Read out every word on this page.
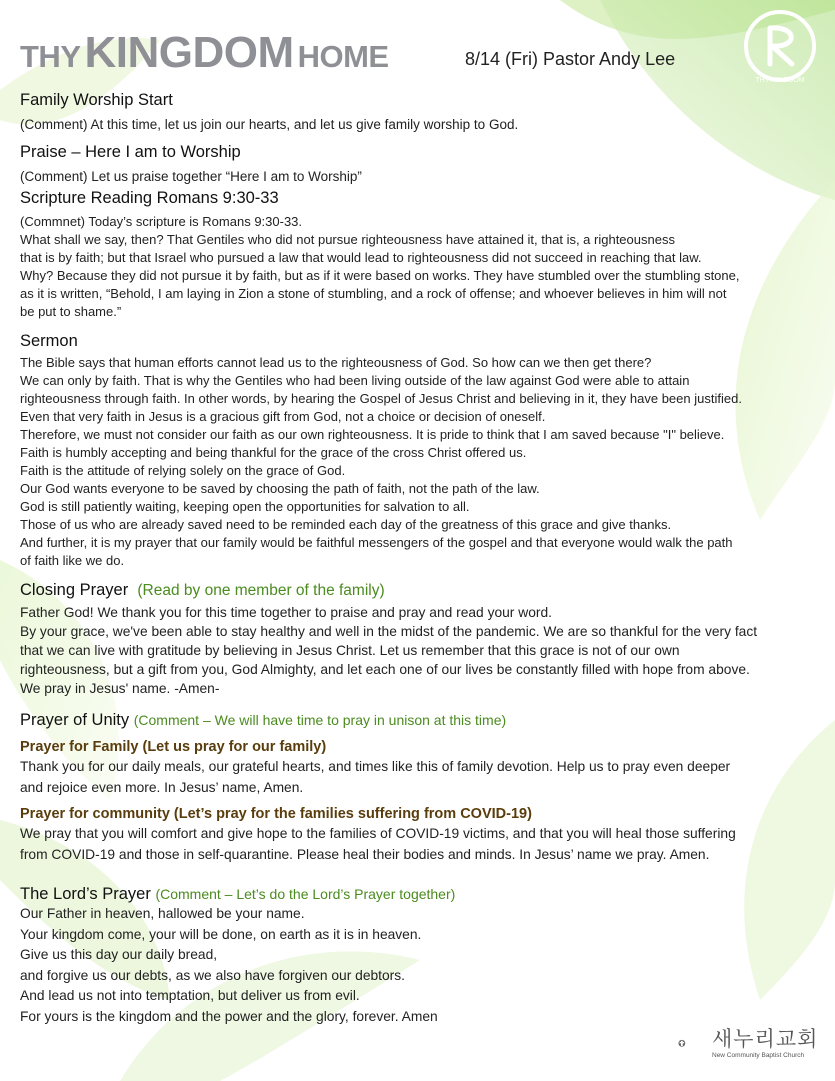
THY KINGDOM HOME	8/14 (Fri) Pastor Andy Lee
THY KINGDOM
Family Worship Start

(Comment) At this time, let us join our hearts, and let us give family worship to God.

Praise – Here I am to Worship

(Comment) Let us praise together “Here I am to Worship”

Scripture Reading Romans 9:30-33

(Commnet) Today’s scripture is Romans 9:30-33.
What shall we say, then? That Gentiles who did not pursue righteousness have attained it, that is, a righteousness
that is by faith; but that Israel who pursued a law that would lead to righteousness did not succeed in reaching that law.
Why? Because they did not pursue it by faith, but as if it were based on works. They have stumbled over the stumbling stone,
as it is written, “Behold, I am laying in Zion a stone of stumbling, and a rock of offense; and whoever believes in him will not
be put to shame.”

Sermon

The Bible says that human efforts cannot lead us to the righteousness of God. So how can we then get there?
We can only by faith. That is why the Gentiles who had been living outside of the law against God were able to attain
righteousness through faith. In other words, by hearing the Gospel of Jesus Christ and believing in it, they have been justified.
Even that very faith in Jesus is a gracious gift from God, not a choice or decision of oneself.
Therefore, we must not consider our faith as our own righteousness. It is pride to think that I am saved because "I" believe.
Faith is humbly accepting and being thankful for the grace of the cross Christ offered us.
Faith is the attitude of relying solely on the grace of God.
Our God wants everyone to be saved by choosing the path of faith, not the path of the law.
God is still patiently waiting, keeping open the opportunities for salvation to all.
Those of us who are already saved need to be reminded each day of the greatness of this grace and give thanks.
And further, it is my prayer that our family would be faithful messengers of the gospel and that everyone would walk the path
of faith like we do.

Closing Prayer (Read by one member of the family)

Father God! We thank you for this time together to praise and pray and read your word.
By your grace, we've been able to stay healthy and well in the midst of the pandemic. We are so thankful for the very fact
that we can live with gratitude by believing in Jesus Christ. Let us remember that this grace is not of our own
righteousness, but a gift from you, God Almighty, and let each one of our lives be constantly filled with hope from above.
We pray in Jesus' name. -Amen-

Prayer of Unity (Comment – We will have time to pray in unison at this time)
Prayer for Family (Let us pray for our family)

Thank you for our daily meals, our grateful hearts, and times like this of family devotion. Help us to pray even deeper
and rejoice even more. In Jesus’ name, Amen.

Prayer for community (Let’s pray for the families suffering from COVID-19)

We pray that you will comfort and give hope to the families of COVID-19 victims, and that you will heal those suffering
from COVID-19 and those in self-quarantine. Please heal their bodies and minds. In Jesus’ name we pray. Amen.

The Lord’s Prayer (Comment – Let’s do the Lord’s Prayer together)

Our Father in heaven, hallowed be your name.
Your kingdom come, your will be done, on earth as it is in heaven.
Give us this day our daily bread,
and forgive us our debts, as we also have forgiven our debtors.
And lead us not into temptation, but deliver us from evil.
For yours is the kingdom and the power and the glory, forever. Amen

새누리교회
New Community Baptist Church
